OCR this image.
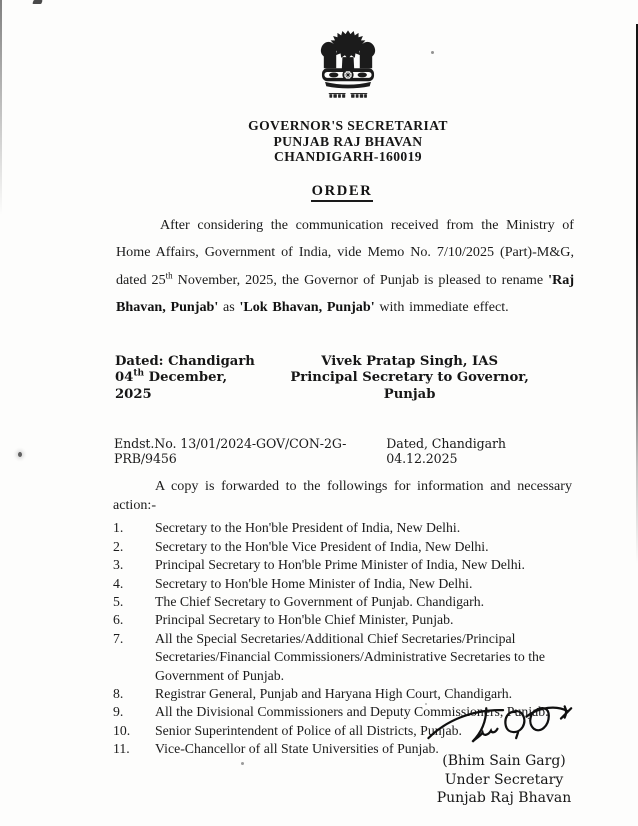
GOVERNOR'S SECRETARIAT
PUNJAB RAJ BHAVAN
CHANDIGARH-160019
ORDER

After considering the communication received from the Ministry of Home Affairs, Government of India, vide Memo No. 7/10/2025 (Part)-M&G, dated 25th November, 2025, the Governor of Punjab is pleased to rename 'Raj Bhavan, Punjab' as 'Lok Bhavan, Punjab' with immediate effect.

Dated: Chandigarh
04th December, 2025
Vivek Pratap Singh, IAS
Principal Secretary to Governor, Punjab
Endst.No. 13/01/2024-GOV/CON-2G-PRB/9456
Dated, Chandigarh 04.12.2025

A copy is forwarded to the followings for information and necessary action:-

1.	Secretary to the Hon'ble President of India, New Delhi.
2.	Secretary to the Hon'ble Vice President of India, New Delhi.
3.	Principal Secretary to Hon'ble Prime Minister of India, New Delhi.
4.	Secretary to Hon'ble Home Minister of India, New Delhi.
5.	The Chief Secretary to Government of Punjab. Chandigarh.
6.	Principal Secretary to Hon'ble Chief Minister, Punjab.
7.	All the Special Secretaries/Additional Chief Secretaries/Principal Secretaries/Financial Commissioners/Administrative Secretaries to the Government of Punjab.
8.	Registrar General, Punjab and Haryana High Court, Chandigarh.
9.	All the Divisional Commissioners and Deputy Commissioners, Punjab.
10.	Senior Superintendent of Police of all Districts, Punjab.
11.	Vice-Chancellor of all State Universities of Punjab.
(Bhim Sain Garg)
Under Secretary
Punjab Raj Bhavan
